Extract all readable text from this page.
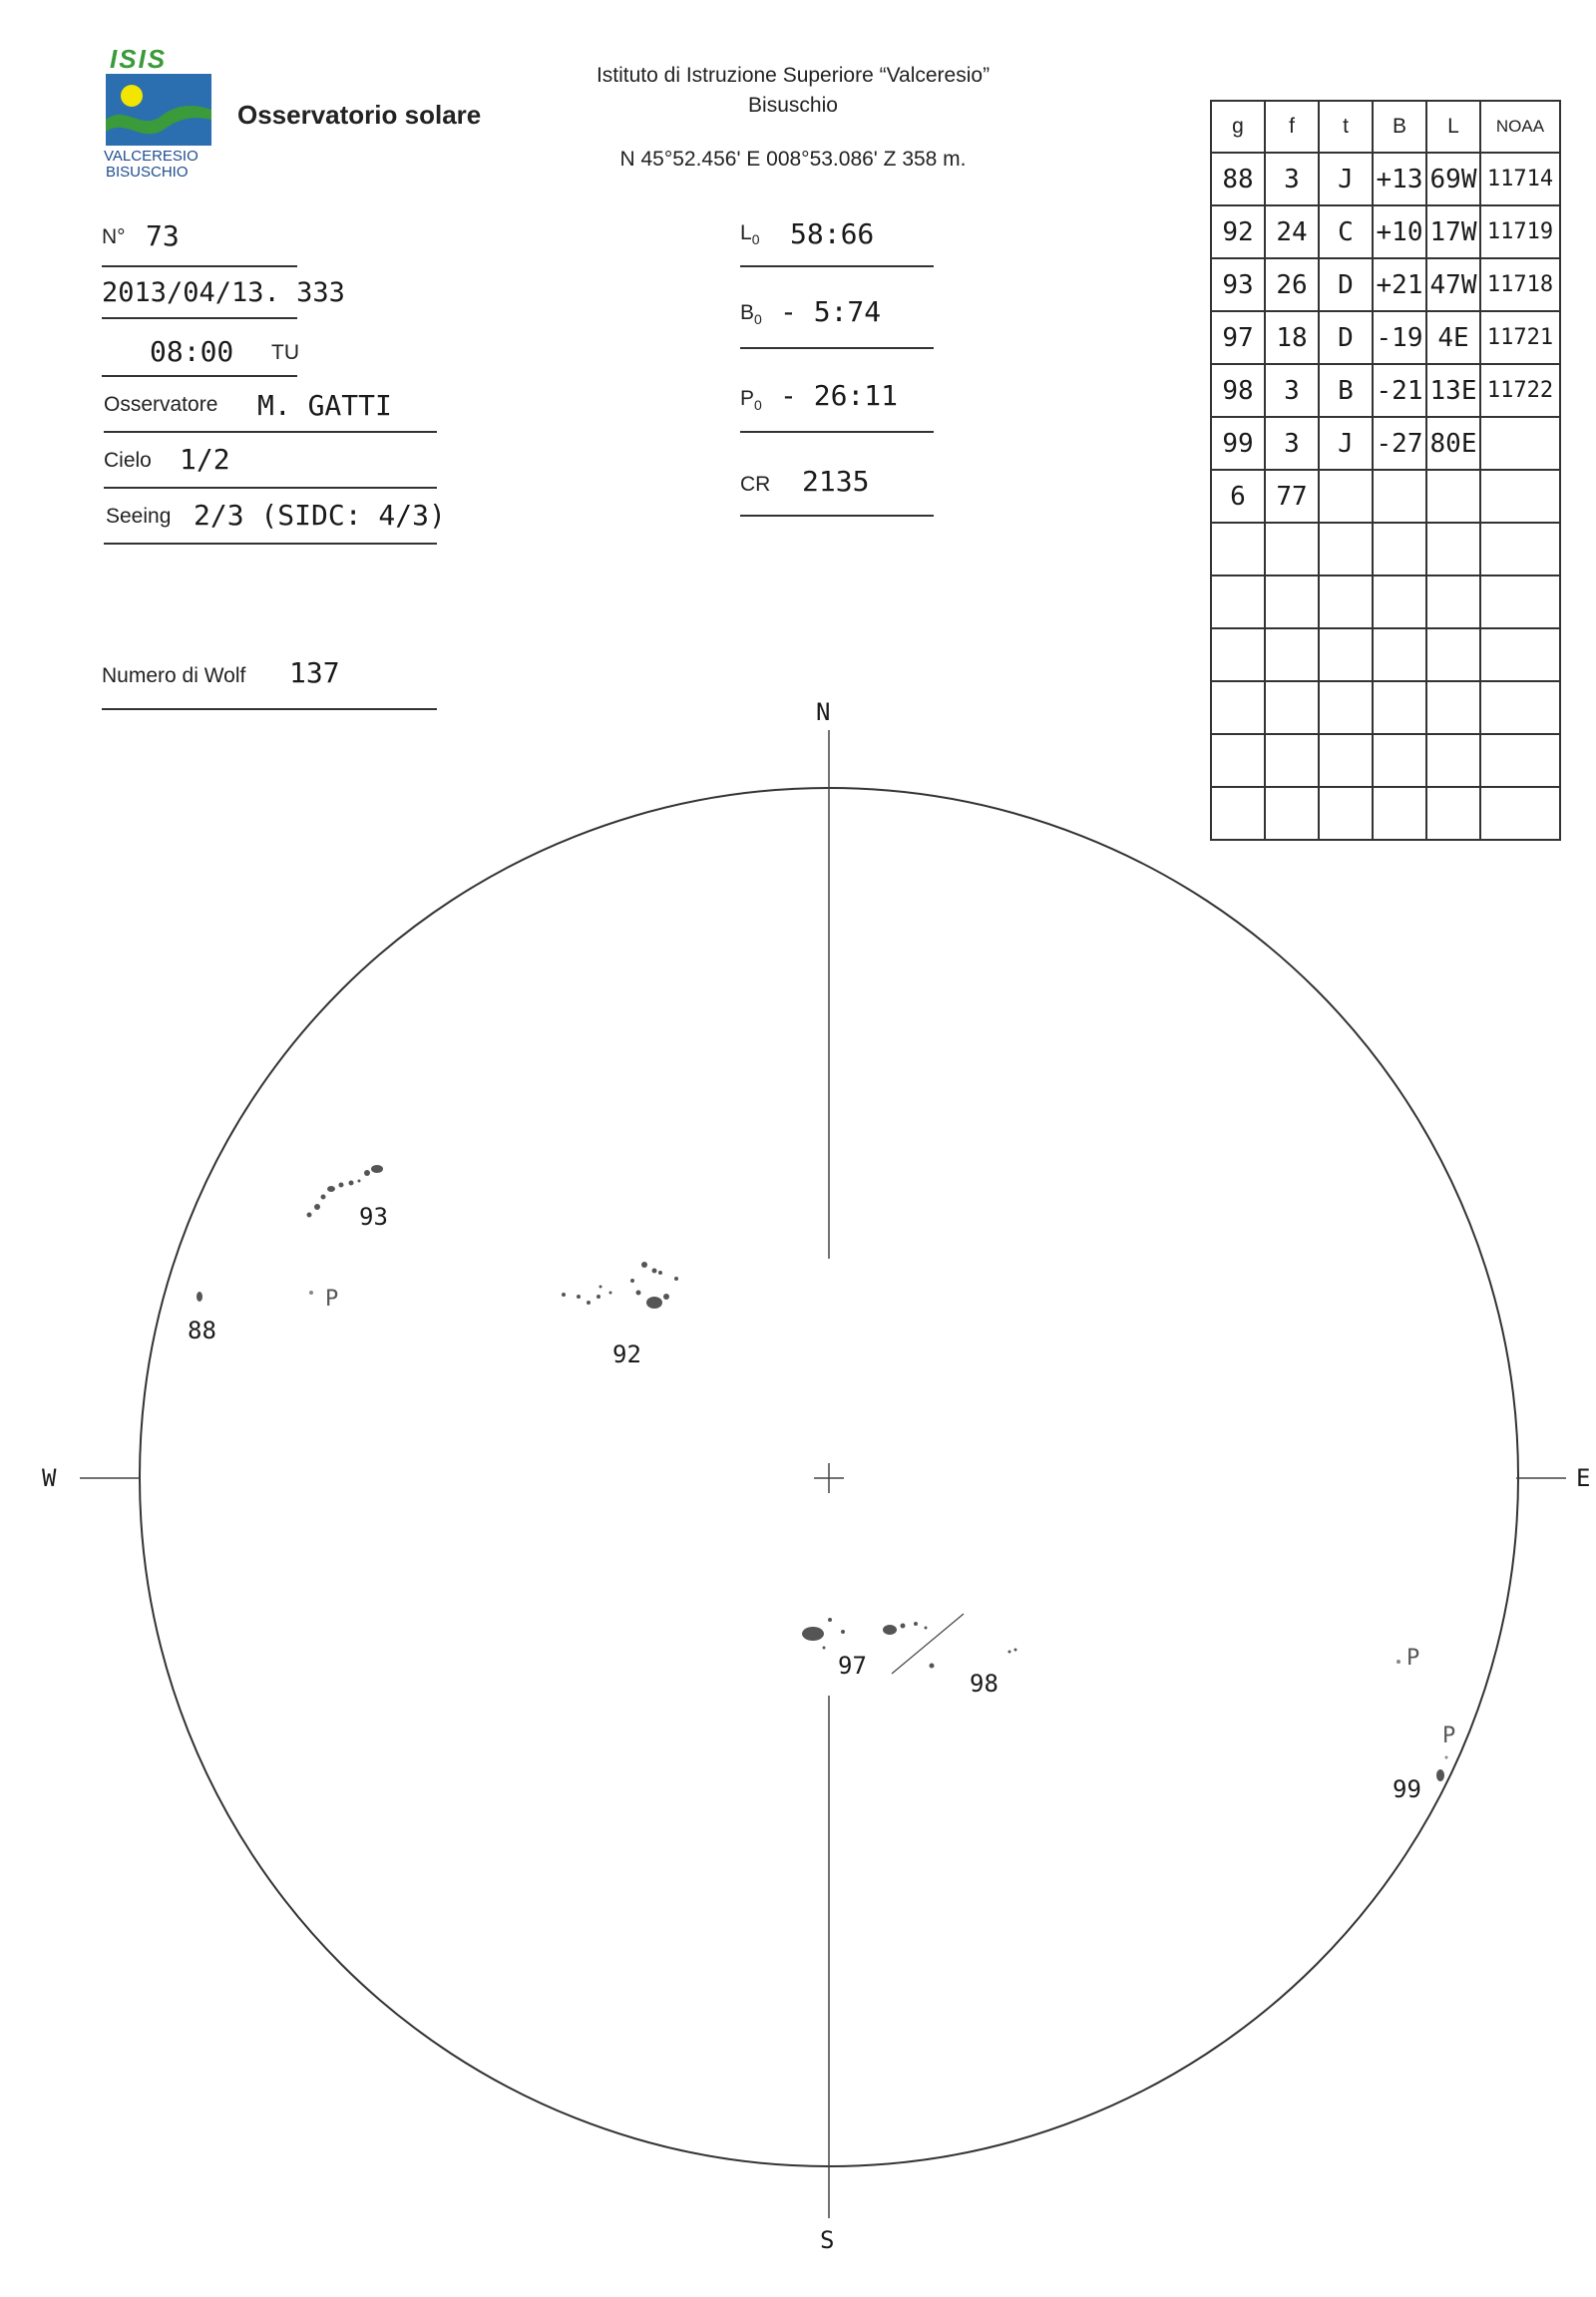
ISIS
VALCERESIO
BISUSCHIO
Osservatorio solare
Istituto di Istruzione Superiore “Valceresio”
Bisuschio
N 45°52.456' E 008°53.086' Z 358 m.
N° 73
2013/04/13. 333
08:00 TU
Osservatore M. GATTI
Cielo 1/2
Seeing 2/3 (SIDC: 4/3)
Numero di Wolf 137
$L_0$ 58:66
$B_0$ - 5:74
$P_0$ - 26:11
CR 2135
g	f	t	B	L	NOAA
88	3	J	+13	69W	11714
92	24	C	+10	17W	11719
93	26	D	+21	47W	11718
97	18	D	-19	4E	11721
98	3	B	-21	13E	11722
99	3	J	-27	80E	
6	77				

N
S
W	E
93
88
92
97
98
99
P
P
P
